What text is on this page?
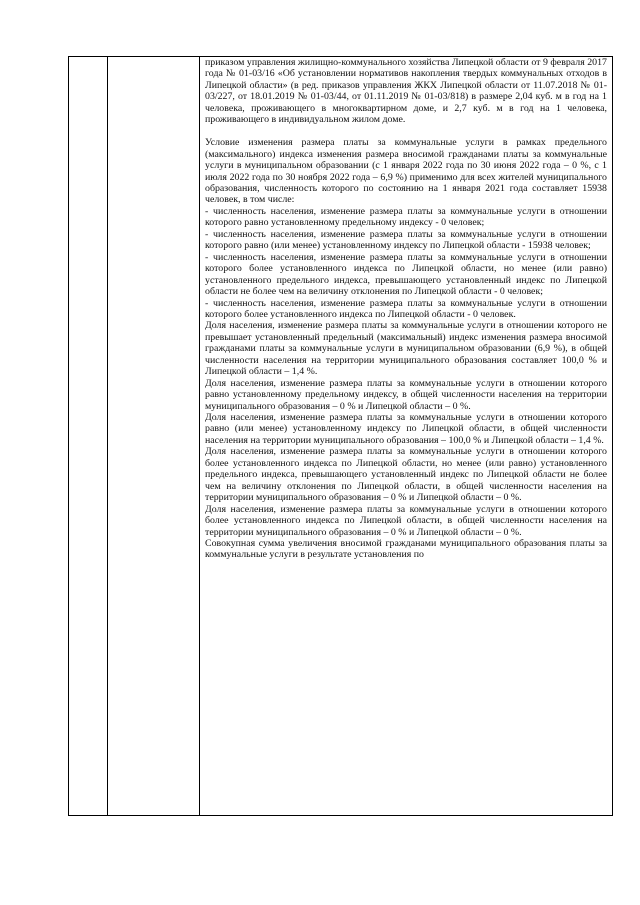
приказом управления жилищно-коммунального хозяйства Липецкой области от 9 февраля 2017 года № 01-03/16 «Об установлении нормативов накопления твердых коммунальных отходов в Липецкой области» (в ред. приказов управления ЖКХ Липецкой области от 11.07.2018 № 01-03/227, от 18.01.2019 № 01-03/44, от 01.11.2019 № 01-03/818) в размере 2,04 куб. м в год на 1 человека, проживающего в многоквартирном доме, и 2,7 куб. м в год на 1 человека, проживающего в индивидуальном жилом доме.

Условие изменения размера платы за коммунальные услуги в рамках предельного (максимального) индекса изменения размера вносимой гражданами платы за коммунальные услуги в муниципальном образовании (с 1 января 2022 года по 30 июня 2022 года – 0 %, с 1 июля 2022 года по 30 ноября 2022 года – 6,9 %) применимо для всех жителей муниципального образования, численность которого по состоянию на 1 января 2021 года составляет 15938 человек, в том числе:

- численность населения, изменение размера платы за коммунальные услуги в отношении которого равно установленному предельному индексу - 0 человек;

- численность населения, изменение размера платы за коммунальные услуги в отношении которого равно (или менее) установленному индексу по Липецкой области - 15938 человек;

- численность населения, изменение размера платы за коммунальные услуги в отношении которого более установленного индекса по Липецкой области, но менее (или равно) установленного предельного индекса, превышающего установленный индекс по Липецкой области не более чем на величину отклонения по Липецкой области - 0 человек;

- численность населения, изменение размера платы за коммунальные услуги в отношении которого более установленного индекса по Липецкой области - 0 человек.

Доля населения, изменение размера платы за коммунальные услуги в отношении которого не превышает установленный предельный (максимальный) индекс изменения размера вносимой гражданами платы за коммунальные услуги в муниципальном образовании (6,9 %), в общей численности населения на территории муниципального образования составляет 100,0 % и Липецкой области – 1,4 %.

Доля населения, изменение размера платы за коммунальные услуги в отношении которого равно установленному предельному индексу, в общей численности населения на территории муниципального образования – 0 % и Липецкой области – 0 %.

Доля населения, изменение размера платы за коммунальные услуги в отношении которого равно (или менее) установленному индексу по Липецкой области, в общей численности населения на территории муниципального образования – 100,0 % и Липецкой области – 1,4 %.

Доля населения, изменение размера платы за коммунальные услуги в отношении которого более установленного индекса по Липецкой области, но менее (или равно) установленного предельного индекса, превышающего установленный индекс по Липецкой области не более чем на величину отклонения по Липецкой области, в общей численности населения на территории муниципального образования – 0 % и Липецкой области – 0 %.

Доля населения, изменение размера платы за коммунальные услуги в отношении которого более установленного индекса по Липецкой области, в общей численности населения на территории муниципального образования – 0 % и Липецкой области – 0 %.

Совокупная сумма увеличения вносимой гражданами муниципального образования платы за коммунальные услуги в результате установления по
